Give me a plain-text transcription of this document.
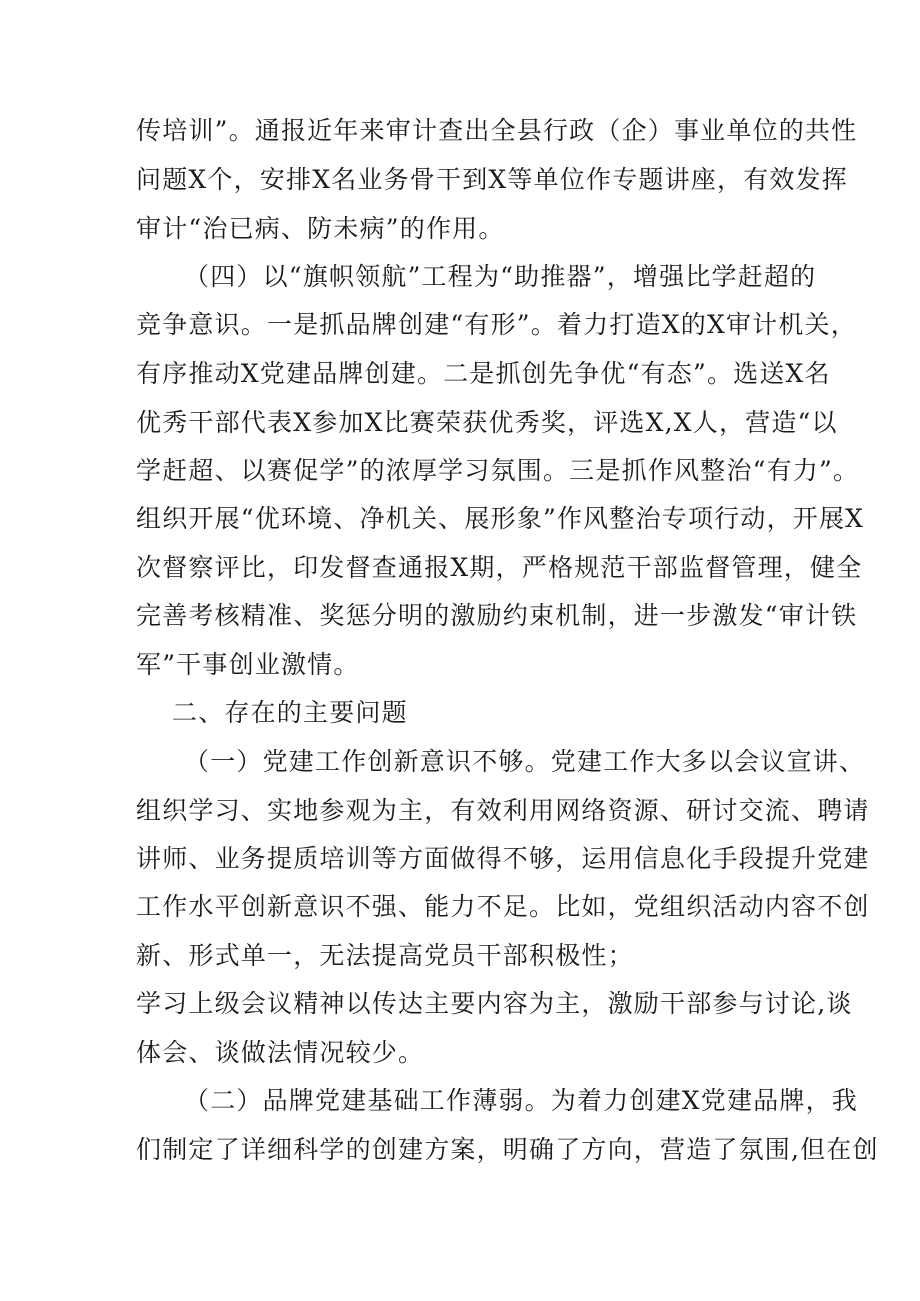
传培训”。通报近年来审计查出全县行政（企）事业单位的共性
问题X个，安排X名业务骨干到X等单位作专题讲座，有效发挥
审计“治已病、防未病”的作用。
（四）以“旗帜领航”工程为“助推器”，增强比学赶超的
竞争意识。一是抓品牌创建“有形”。着力打造X的X审计机关，
有序推动X党建品牌创建。二是抓创先争优“有态”。选送X名
优秀干部代表X参加X比赛荣获优秀奖，评选X,X人，营造“以
学赶超、以赛促学”的浓厚学习氛围。三是抓作风整治“有力”。
组织开展“优环境、净机关、展形象”作风整治专项行动，开展X
次督察评比，印发督查通报X期，严格规范干部监督管理，健全
完善考核精准、奖惩分明的激励约束机制，进一步激发“审计铁
军”干事创业激情。
二、存在的主要问题
（一）党建工作创新意识不够。党建工作大多以会议宣讲、
组织学习、实地参观为主，有效利用网络资源、研讨交流、聘请
讲师、业务提质培训等方面做得不够，运用信息化手段提升党建
工作水平创新意识不强、能力不足。比如，党组织活动内容不创
新、形式单一，无法提高党员干部积极性；
学习上级会议精神以传达主要内容为主，激励干部参与讨论,谈
体会、谈做法情况较少。
（二）品牌党建基础工作薄弱。为着力创建X党建品牌，我
们制定了详细科学的创建方案，明确了方向，营造了氛围,但在创
